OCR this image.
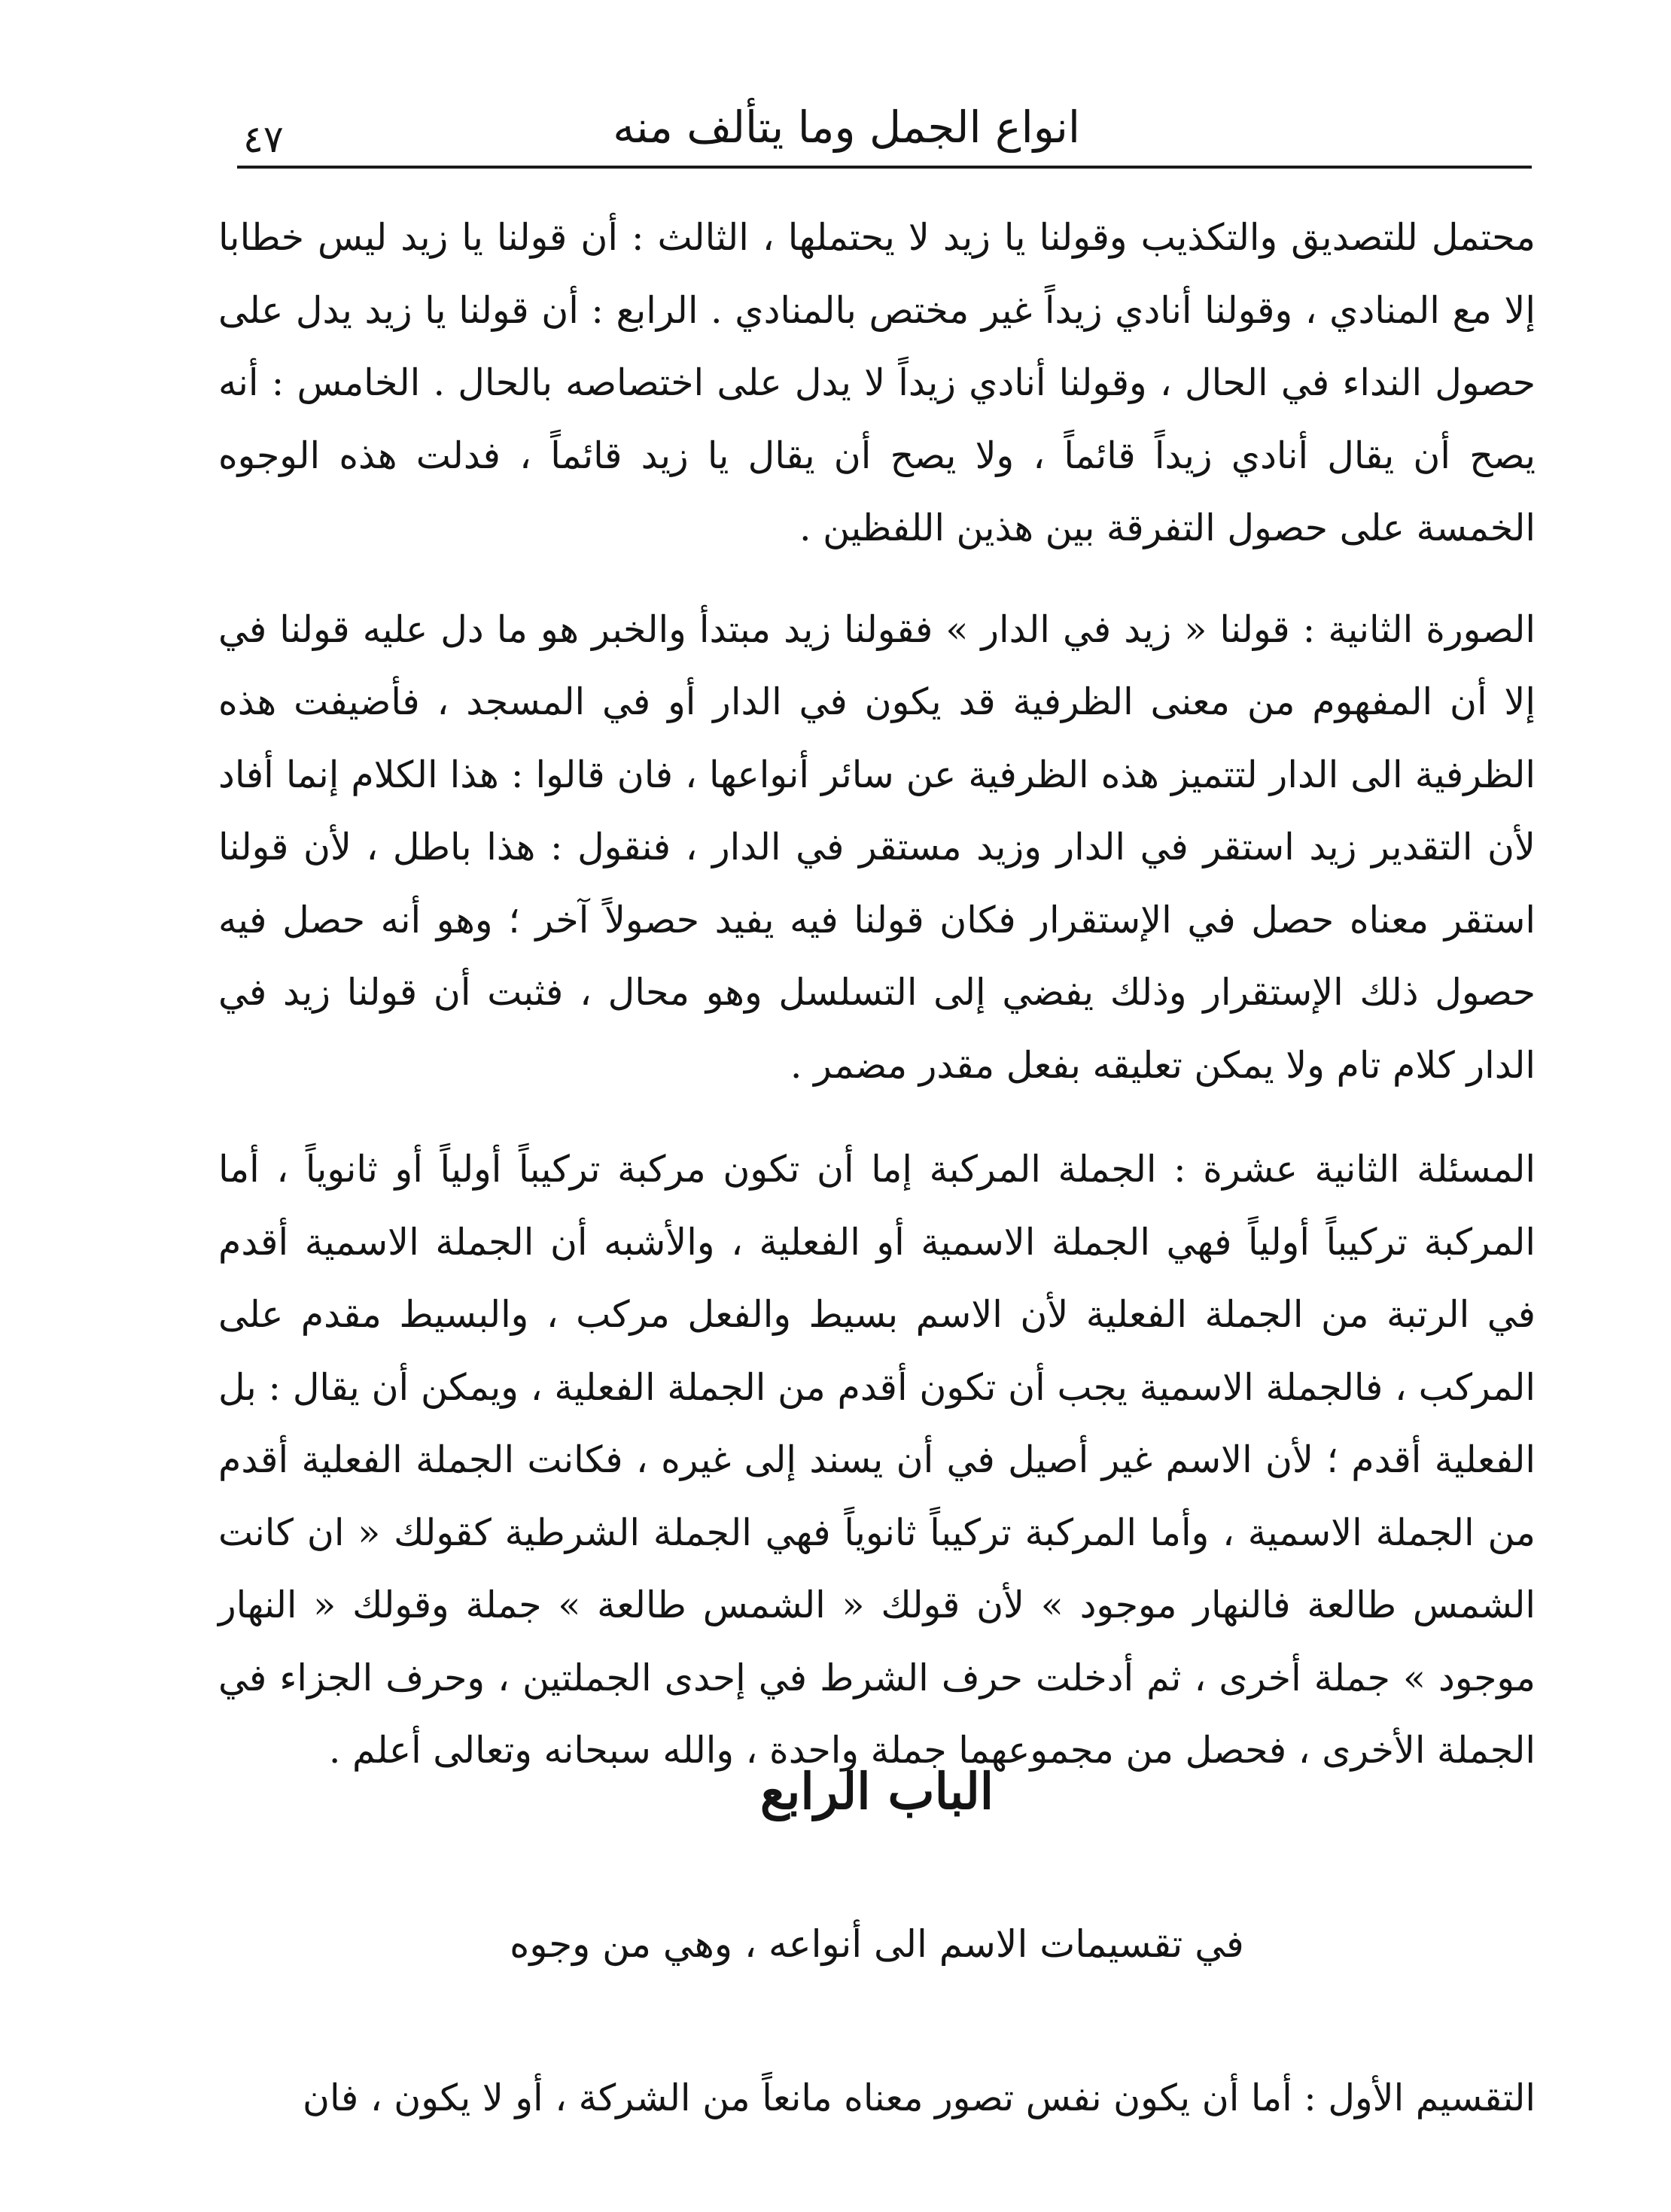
انواع الجمل وما يتألف منه
٤٧

محتمل للتصديق والتكذيب وقولنا يا زيد لا يحتملها ، الثالث : أن قولنا يا زيد ليس خطابا إلا مع المنادي ، وقولنا أنادي زيداً غير مختص بالمنادي . الرابع : أن قولنا يا زيد يدل على حصول النداء في الحال ، وقولنا أنادي زيداً لا يدل على اختصاصه بالحال . الخامس : أنه يصح أن يقال أنادي زيداً قائماً ، ولا يصح أن يقال يا زيد قائماً ، فدلت هذه الوجوه الخمسة على حصول التفرقة بين هذين اللفظين .

الصورة الثانية : قولنا « زيد في الدار » فقولنا زيد مبتدأ والخبر هو ما دل عليه قولنا في إلا أن المفهوم من معنى الظرفية قد يكون في الدار أو في المسجد ، فأضيفت هذه الظرفية الى الدار لتتميز هذه الظرفية عن سائر أنواعها ، فان قالوا : هذا الكلام إنما أفاد لأن التقدير زيد استقر في الدار وزيد مستقر في الدار ، فنقول : هذا باطل ، لأن قولنا استقر معناه حصل في الإستقرار فكان قولنا فيه يفيد حصولاً آخر ؛ وهو أنه حصل فيه حصول ذلك الإستقرار وذلك يفضي إلى التسلسل وهو محال ، فثبت أن قولنا زيد في الدار كلام تام ولا يمكن تعليقه بفعل مقدر مضمر .

المسئلة الثانية عشرة : الجملة المركبة إما أن تكون مركبة تركيباً أولياً أو ثانوياً ، أما المركبة تركيباً أولياً فهي الجملة الاسمية أو الفعلية ، والأشبه أن الجملة الاسمية أقدم في الرتبة من الجملة الفعلية لأن الاسم بسيط والفعل مركب ، والبسيط مقدم على المركب ، فالجملة الاسمية يجب أن تكون أقدم من الجملة الفعلية ، ويمكن أن يقال : بل الفعلية أقدم ؛ لأن الاسم غير أصيل في أن يسند إلى غيره ، فكانت الجملة الفعلية أقدم من الجملة الاسمية ، وأما المركبة تركيباً ثانوياً فهي الجملة الشرطية كقولك « ان كانت الشمس طالعة فالنهار موجود » لأن قولك « الشمس طالعة » جملة وقولك « النهار موجود » جملة أخرى ، ثم أدخلت حرف الشرط في إحدى الجملتين ، وحرف الجزاء في الجملة الأخرى ، فحصل من مجموعهما جملة واحدة ، والله سبحانه وتعالى أعلم .

الباب الرابع
في تقسيمات الاسم الى أنواعه ، وهي من وجوه

التقسيم الأول : أما أن يكون نفس تصور معناه مانعاً من الشركة ، أو لا يكون ، فان
